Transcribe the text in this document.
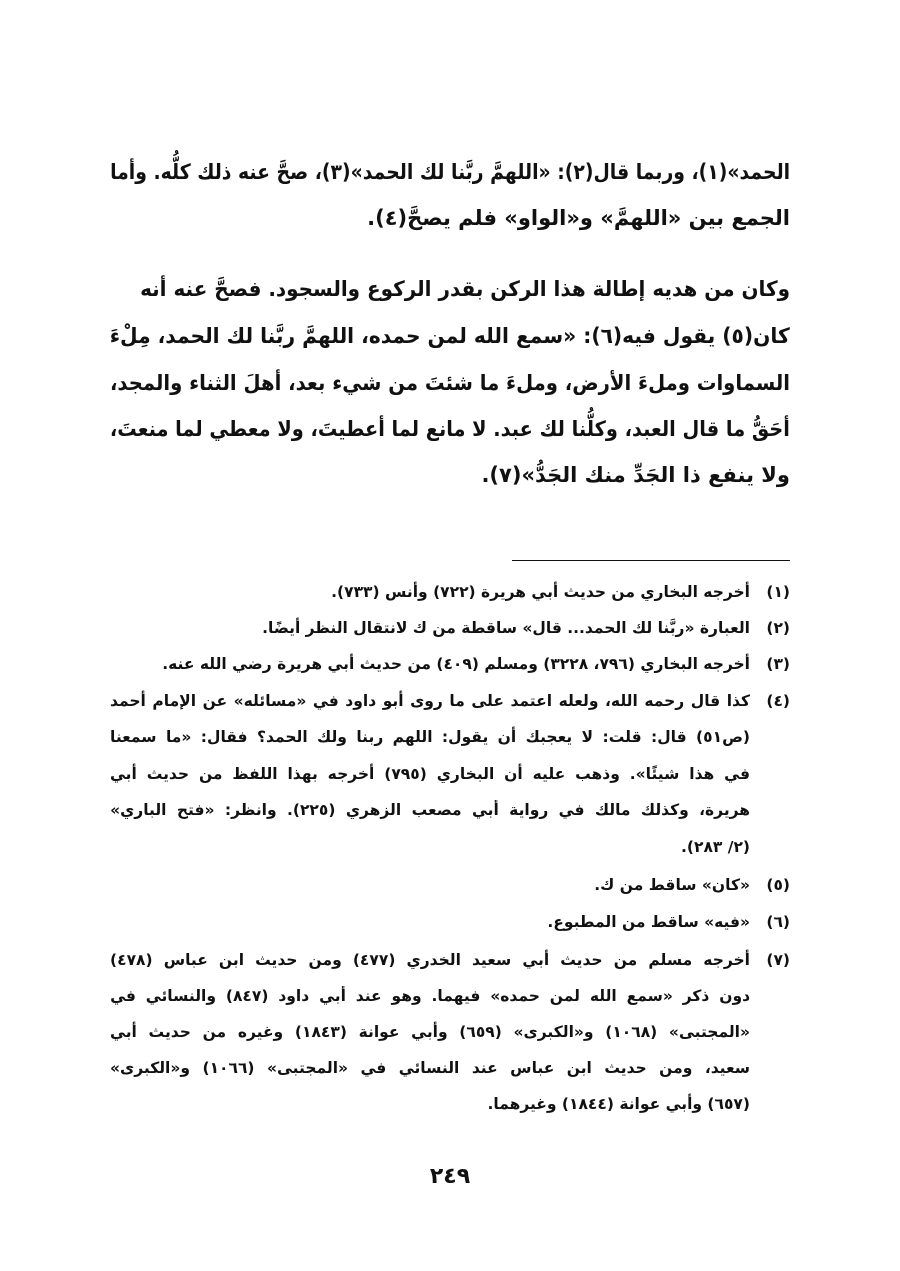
الحمد»(١)، وربما قال(٢): «اللهمَّ ربَّنا لك الحمد»(٣)، صحَّ عنه ذلك كلُّه. وأما
الجمع بين «اللهمَّ» و«الواو» فلم يصحَّ(٤).
وكان من هديه إطالة هذا الركن بقدر الركوع والسجود. فصحَّ عنه أنه
كان(٥) يقول فيه(٦): «سمع الله لمن حمده، اللهمَّ ربَّنا لك الحمد، مِلْءَ
السماوات وملءَ الأرض، وملءَ ما شئتَ من شيء بعد، أهلَ الثناء والمجد،
أحَقُّ ما قال العبد، وكلُّنا لك عبد. لا مانع لما أعطيتَ، ولا معطي لما منعتَ،
ولا ينفع ذا الجَدِّ منك الجَدُّ»(٧).
(١)
أخرجه البخاري من حديث أبي هريرة (٧٢٢) وأنس (٧٣٣).
(٢)
العبارة «ربَّنا لك الحمد... قال» ساقطة من ك لانتقال النظر أيضًا.
(٣)
أخرجه البخاري (٧٩٦، ٣٢٢٨) ومسلم (٤٠٩) من حديث أبي هريرة رضي الله عنه.
(٤)
كذا قال رحمه الله، ولعله اعتمد على ما روى أبو داود في «مسائله» عن الإمام أحمد
(ص٥١) قال: قلت: لا يعجبك أن يقول: اللهم ربنا ولك الحمد؟ فقال: «ما سمعنا
في هذا شيئًا». وذهب عليه أن البخاري (٧٩٥) أخرجه بهذا اللفظ من حديث أبي
هريرة، وكذلك مالك في رواية أبي مصعب الزهري (٢٢٥). وانظر: «فتح الباري»
(٢/ ٢٨٣).
(٥)
«كان» ساقط من ك.
(٦)
«فيه» ساقط من المطبوع.
(٧)
أخرجه مسلم من حديث أبي سعيد الخدري (٤٧٧) ومن حديث ابن عباس (٤٧٨)
دون ذكر «سمع الله لمن حمده» فيهما. وهو عند أبي داود (٨٤٧) والنسائي في
«المجتبى» (١٠٦٨) و«الكبرى» (٦٥٩) وأبي عوانة (١٨٤٣) وغيره من حديث أبي
سعيد، ومن حديث ابن عباس عند النسائي في «المجتبى» (١٠٦٦) و«الكبرى»
(٦٥٧) وأبي عوانة (١٨٤٤) وغيرهما.
٢٤٩
